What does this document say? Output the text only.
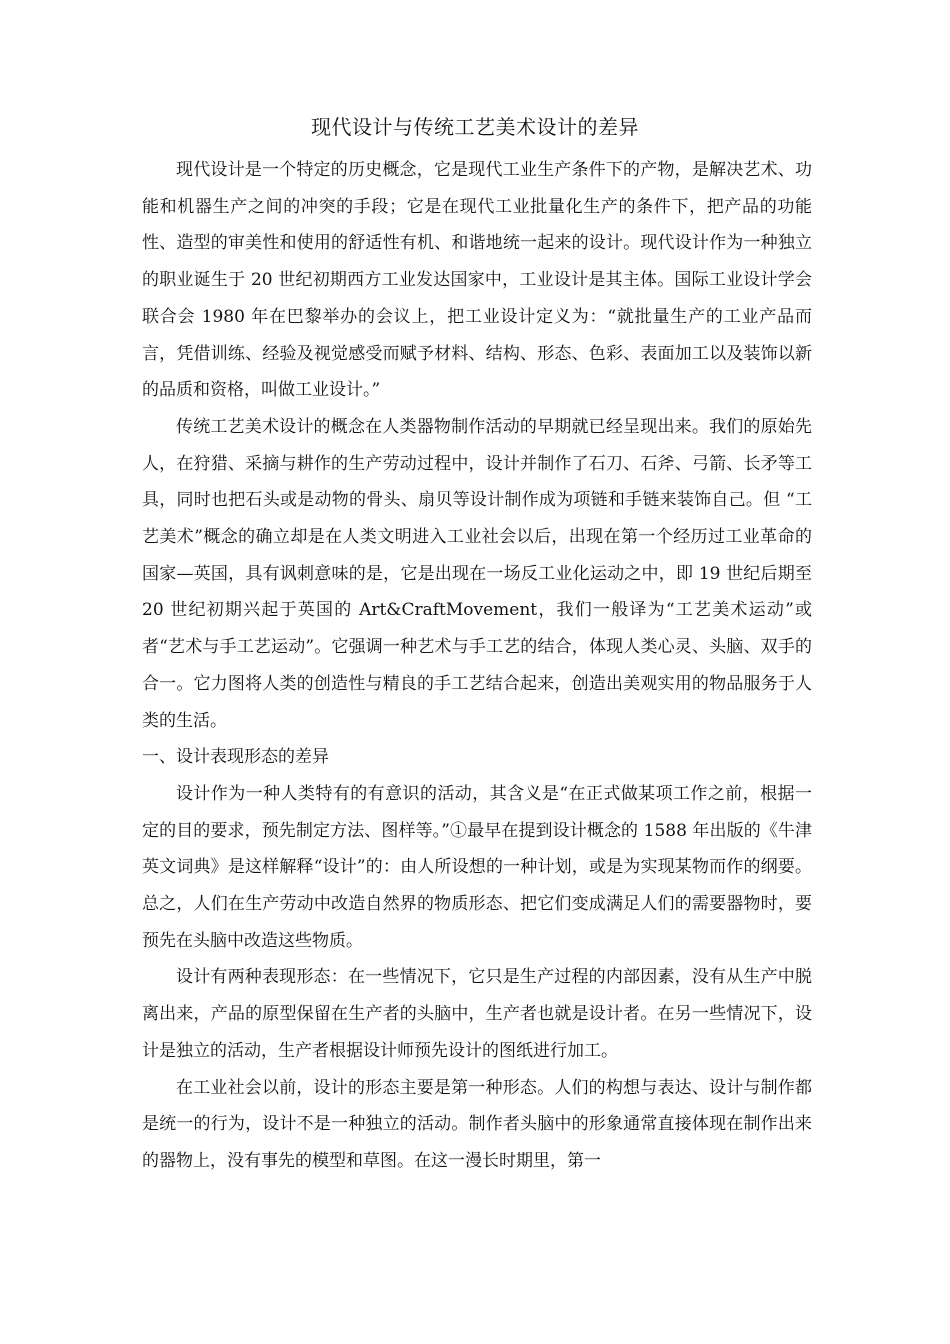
现代设计与传统工艺美术设计的差异

现代设计是一个特定的历史概念，它是现代工业生产条件下的产物，是解决艺术、功能和机器生产之间的冲突的手段；它是在现代工业批量化生产的条件下，把产品的功能性、造型的审美性和使用的舒适性有机、和谐地统一起来的设计。现代设计作为一种独立的职业诞生于 20 世纪初期西方工业发达国家中，工业设计是其主体。国际工业设计学会联合会 1980 年在巴黎举办的会议上，把工业设计定义为：“就批量生产的工业产品而言，凭借训练、经验及视觉感受而赋予材料、结构、形态、色彩、表面加工以及装饰以新的品质和资格，叫做工业设计。”

传统工艺美术设计的概念在人类器物制作活动的早期就已经呈现出来。我们的原始先人，在狩猎、采摘与耕作的生产劳动过程中，设计并制作了石刀、石斧、弓箭、长矛等工具，同时也把石头或是动物的骨头、扇贝等设计制作成为项链和手链来装饰自己。但 “工艺美术”概念的确立却是在人类文明进入工业社会以后，出现在第一个经历过工业革命的国家—英国，具有讽刺意味的是，它是出现在一场反工业化运动之中，即 19 世纪后期至 20 世纪初期兴起于英国的 Art&CraftMovement，我们一般译为“工艺美术运动”或者“艺术与手工艺运动”。它强调一种艺术与手工艺的结合，体现人类心灵、头脑、双手的合一。它力图将人类的创造性与精良的手工艺结合起来，创造出美观实用的物品服务于人类的生活。

一、设计表现形态的差异

设计作为一种人类特有的有意识的活动，其含义是“在正式做某项工作之前，根据一定的目的要求，预先制定方法、图样等。”①最早在提到设计概念的 1588 年出版的《牛津英文词典》是这样解释“设计”的：由人所设想的一种计划，或是为实现某物而作的纲要。总之，人们在生产劳动中改造自然界的物质形态、把它们变成满足人们的需要器物时，要预先在头脑中改造这些物质。

设计有两种表现形态：在一些情况下，它只是生产过程的内部因素，没有从生产中脱离出来，产品的原型保留在生产者的头脑中，生产者也就是设计者。在另一些情况下，设计是独立的活动，生产者根据设计师预先设计的图纸进行加工。

在工业社会以前，设计的形态主要是第一种形态。人们的构想与表达、设计与制作都是统一的行为，设计不是一种独立的活动。制作者头脑中的形象通常直接体现在制作出来的器物上，没有事先的模型和草图。在这一漫长时期里，第一
